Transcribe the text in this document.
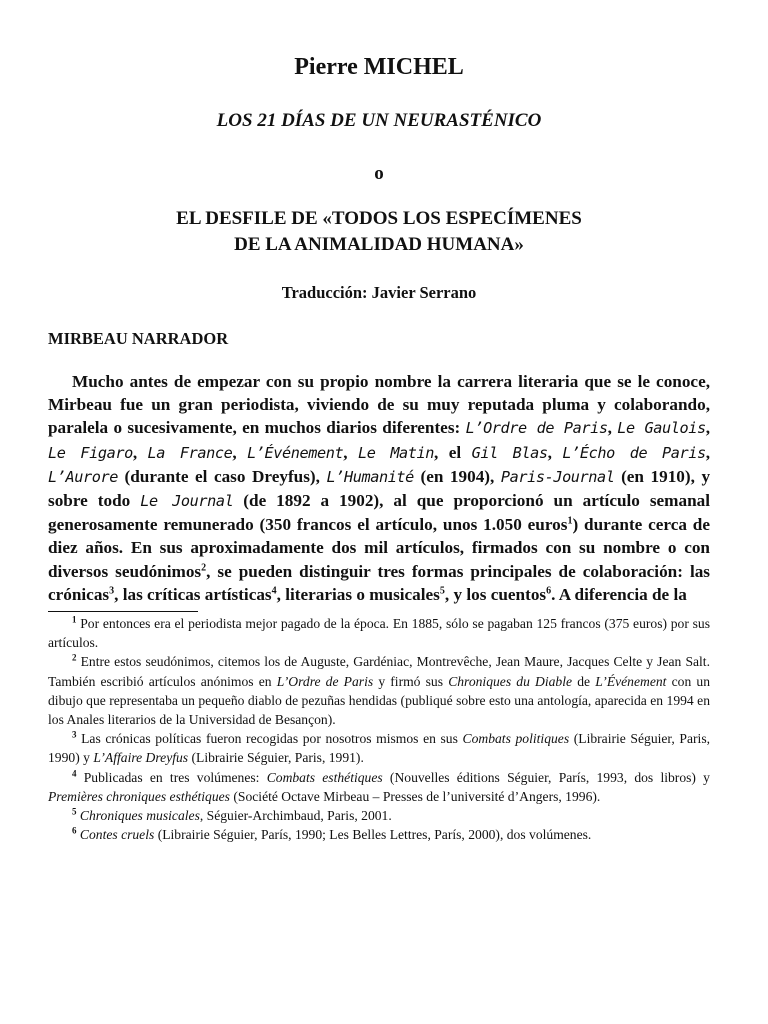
Pierre MICHEL
LOS 21 DÍAS DE UN NEURASTÉNICO

o

EL DESFILE DE «TODOS LOS ESPECÍMENES
DE LA ANIMALIDAD HUMANA»

Traducción: Javier Serrano

MIRBEAU NARRADOR

Mucho antes de empezar con su propio nombre la carrera literaria que se le conoce, Mirbeau fue un gran periodista, viviendo de su muy reputada pluma y colaborando, paralela o sucesivamente, en muchos diarios diferentes: L’Ordre de Paris, Le Gaulois, Le Figaro, La France, L’Événement, Le Matin, el Gil Blas, L’Écho de Paris, L’Aurore (durante el caso Dreyfus), L’Humanité (en 1904), Paris-Journal (en 1910), y sobre todo Le Journal (de 1892 a 1902), al que proporcionó un artículo semanal generosamente remunerado (350 francos el artículo, unos 1.050 euros$^1$) durante cerca de diez años. En sus aproximadamente dos mil artículos, firmados con su nombre o con diversos seudónimos$^2$, se pueden distinguir tres formas principales de colaboración: las crónicas$^3$, las críticas artísticas$^4$, literarias o musicales$^5$, y los cuentos$^6$. A diferencia de la

$^1$ Por entonces era el periodista mejor pagado de la época. En 1885, sólo se pagaban 125 francos (375 euros) por sus artículos.

$^2$ Entre estos seudónimos, citemos los de Auguste, Gardéniac, Montrevêche, Jean Maure, Jacques Celte y Jean Salt. También escribió artículos anónimos en L’Ordre de Paris y firmó sus Chroniques du Diable de L’Événement con un dibujo que representaba un pequeño diablo de pezuñas hendidas (publiqué sobre esto una antología, aparecida en 1994 en los Anales literarios de la Universidad de Besançon).

$^3$ Las crónicas políticas fueron recogidas por nosotros mismos en sus Combats politiques (Librairie Séguier, Paris, 1990) y L’Affaire Dreyfus (Librairie Séguier, Paris, 1991).

$^4$ Publicadas en tres volúmenes: Combats esthétiques (Nouvelles éditions Séguier, París, 1993, dos libros) y Premières chroniques esthétiques (Société Octave Mirbeau – Presses de l’université d’Angers, 1996).

$^5$ Chroniques musicales, Séguier-Archimbaud, Paris, 2001.

$^6$ Contes cruels (Librairie Séguier, París, 1990; Les Belles Lettres, París, 2000), dos volúmenes.
